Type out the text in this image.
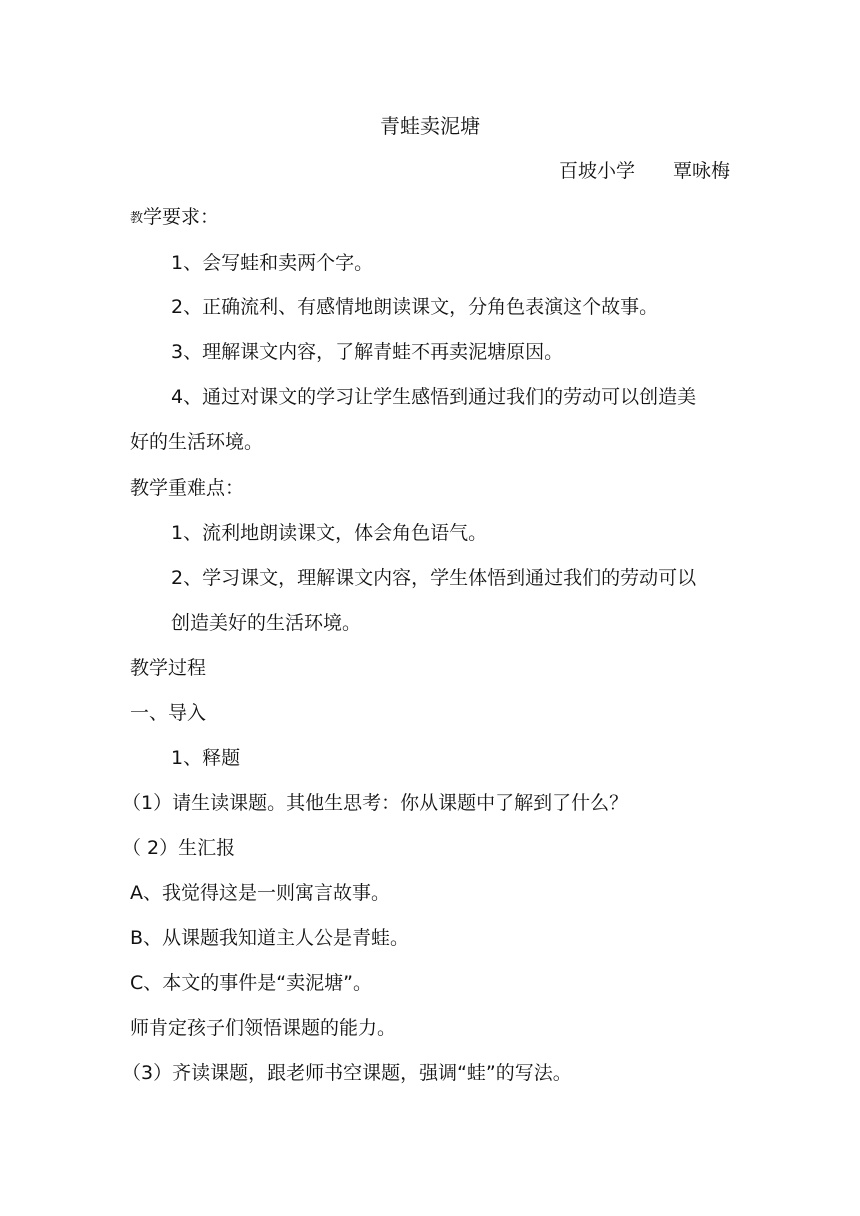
青蛙卖泥塘
百坡小学 覃咏梅
教学要求：
1、会写蛙和卖两个字。
2、正确流利、有感情地朗读课文，分角色表演这个故事。
3、理解课文内容，了解青蛙不再卖泥塘原因。
4、通过对课文的学习让学生感悟到通过我们的劳动可以创造美
好的生活环境。
教学重难点：
1、流利地朗读课文，体会角色语气。
2、学习课文，理解课文内容，学生体悟到通过我们的劳动可以
创造美好的生活环境。
教学过程
一、导入
1、释题
（1）请生读课题。其他生思考：你从课题中了解到了什么？
（ 2）生汇报
A、我觉得这是一则寓言故事。
B、从课题我知道主人公是青蛙。
C、本文的事件是“卖泥塘”。
师肯定孩子们领悟课题的能力。
（3）齐读课题，跟老师书空课题，强调“蛙”的写法。
